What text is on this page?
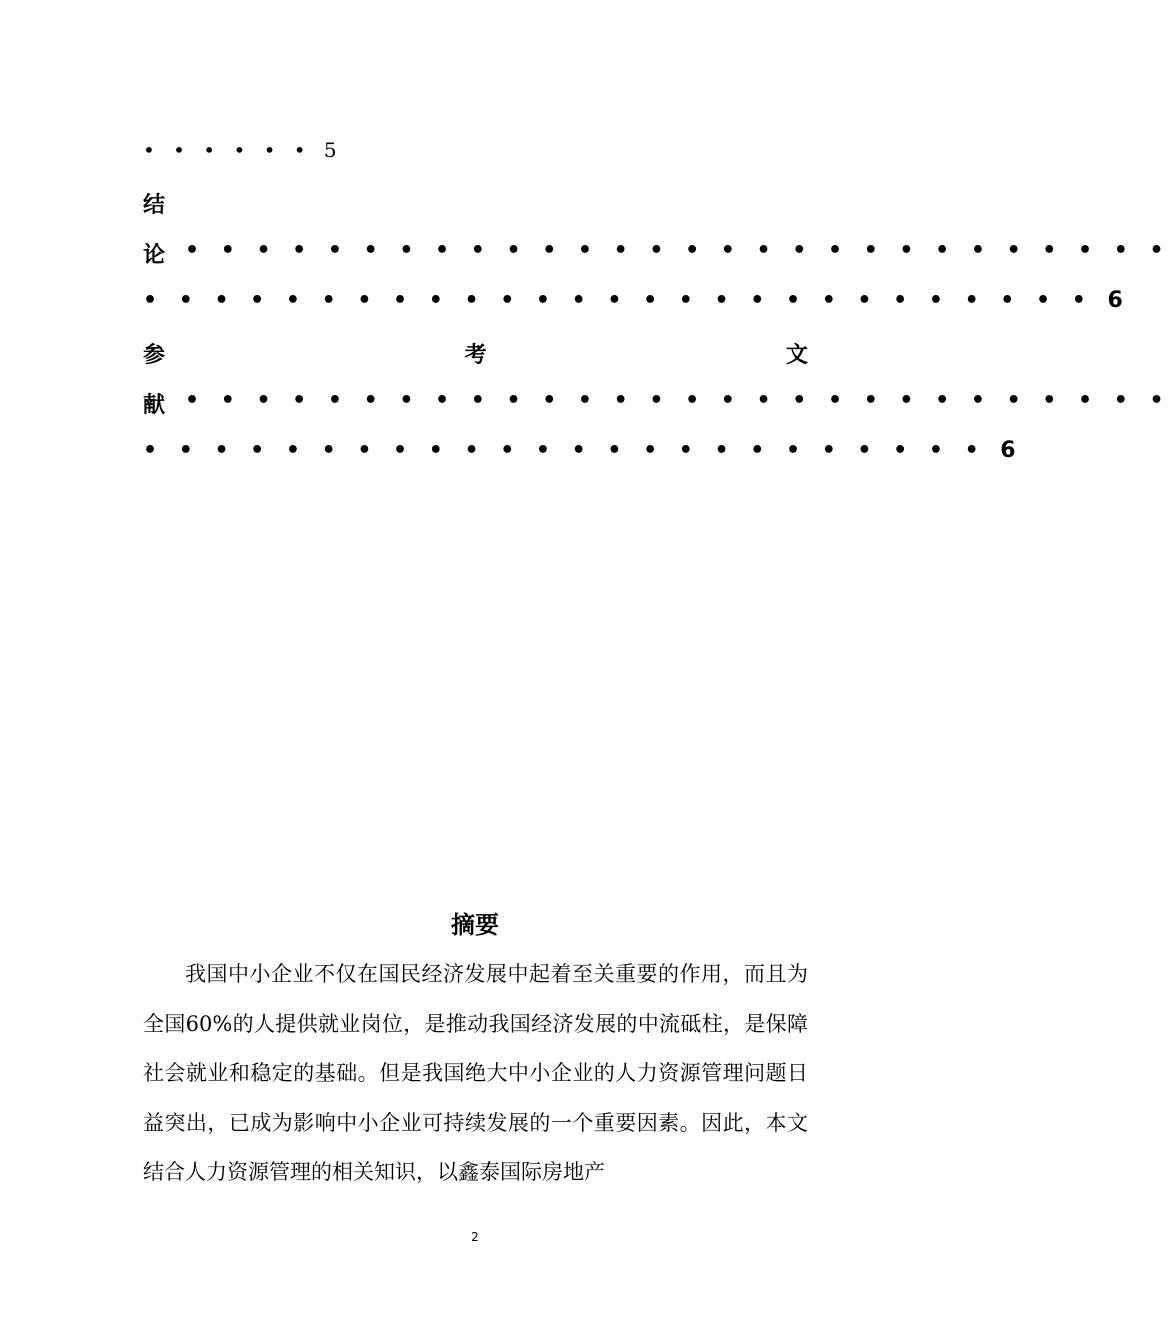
• • • • • • 5
结
论 • • • • • • • • • • • • • • • • • • • • • • • • • • • •
• • • • • • • • • • • • • • • • • • • • • • • • • • • 6
参	考	文
献 • • • • • • • • • • • • • • • • • • • • • • • • • • • •
• • • • • • • • • • • • • • • • • • • • • • • • 6
摘要

我国中小企业不仅在国民经济发展中起着至关重要的作用，而且为全国60%的人提供就业岗位，是推动我国经济发展的中流砥柱，是保障社会就业和稳定的基础。但是我国绝大中小企业的人力资源管理问题日益突出，已成为影响中小企业可持续发展的一个重要因素。因此，本文结合人力资源管理的相关知识，以鑫泰国际房地产

2
